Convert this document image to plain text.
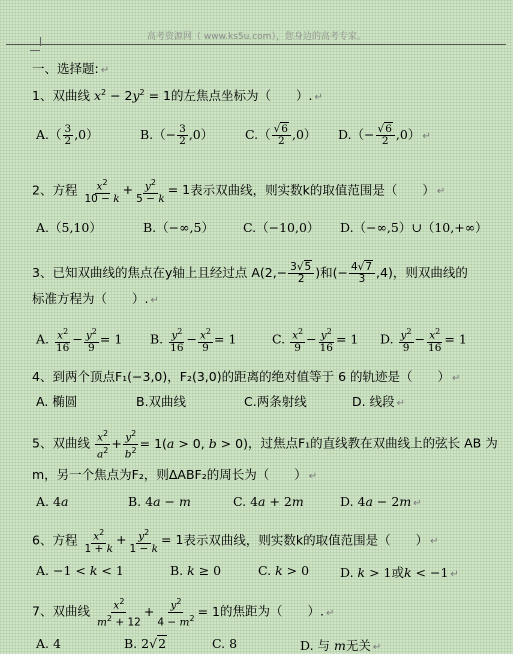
高考资源网（ www.ks5u.com），您身边的高考专家。
一、选择题: ↵
1、双曲线 $x^2 - 2y^2 = 1$的左焦点坐标为（　　）. ↵
$A.( \frac{3}{2} ,0)$	$B.(- \frac{3}{2} ,0)$	$C.( \frac{√6}{2} ,0)$ $D.(- \frac{√6}{2} ,0)$ ↵
2、方程 $\frac{x^2}{10 - k} + \frac{y^2}{5 - k} = 1$表示双曲线，则实数k的取值范围是（　　） ↵
A.（5,10）	B.（−∞,5） C.（−10,0） D.（−∞,5）∪（10,+∞）
3、已知双曲线的焦点在y轴上且经过点 $A(2,- \frac{3√5}{2}$ )和(− $\frac{4√7}{3} ,4$)，则双曲线的
标准方程为（　　）. ↵
A. $\frac{x^2}{16} - \frac{y^2}{9} = 1$ B. $\frac{y^2}{16} - \frac{x^2}{9} = 1$	C. $\frac{x^2}{9} - \frac{y^2}{16} = 1$ D. $\frac{y^2}{9} - \frac{x^2}{16} = 1$
4、到两个顶点F₁(−3,0)，F₂(3,0)的距离的绝对值等于 6 的轨迹是（　　） ↵
A. 椭圆	B.双曲线	C.两条射线	D. 线段 ↵
5、双曲线 $\frac{x^2}{a^2} + \frac{y^2}{b^2} = 1(a > 0$, b > 0)，过焦点F₁的直线教在双曲线上的弦长 AB 为
m，另一个焦点为F₂，则ΔABF₂的周长为（　　） ↵
A. 4a	B. 4a − m	C. 4a + 2m	D. 4a − 2m ↵
6、方程 $\frac{x^2}{1 + k} + \frac{y^2}{1 - k} = 1$表示双曲线，则实数k的取值范围是（　　） ↵
A. −1 < k < 1	B. k ≥ 0	C. k > 0 D. k > 1或k < −1 ↵
7、双曲线 $\frac{x^2}{m^2 + 12} + \frac{y^2}{4 - m^2} = 1$的焦距为（　　）. ↵
A. 4	B. 2√2	C. 8	D. 与 m无关 ↵
